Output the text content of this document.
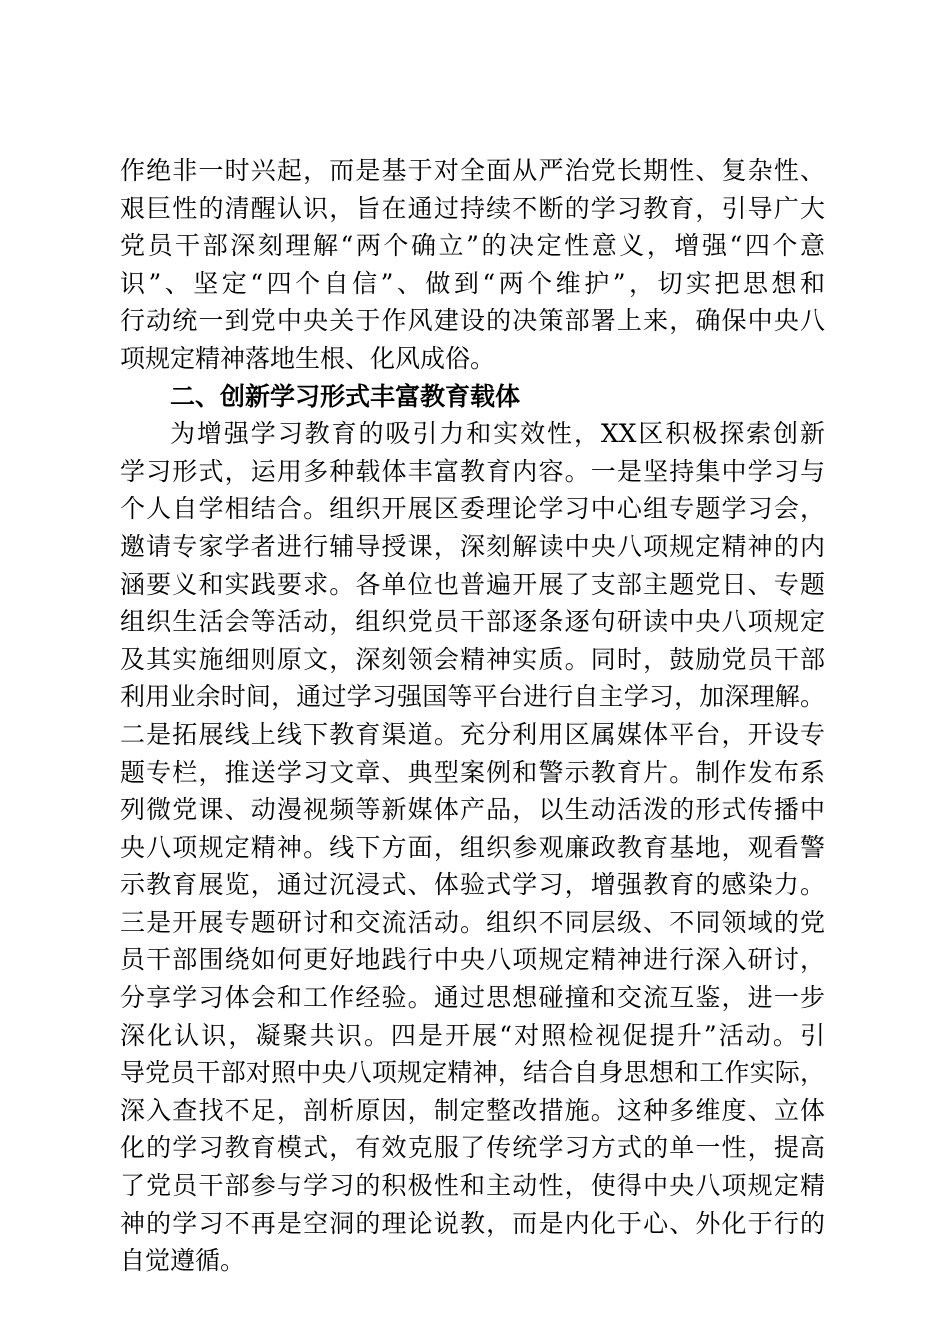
作绝非一时兴起，而是基于对全面从严治党长期性、复杂性、
艰巨性的清醒认识，旨在通过持续不断的学习教育，引导广大
党员干部深刻理解“两个确立”的决定性意义，增强“四个意
识”、坚定“四个自信”、做到“两个维护”，切实把思想和
行动统一到党中央关于作风建设的决策部署上来，确保中央八
项规定精神落地生根、化风成俗。
二、创新学习形式丰富教育载体
为增强学习教育的吸引力和实效性，XX区积极探索创新
学习形式，运用多种载体丰富教育内容。一是坚持集中学习与
个人自学相结合。组织开展区委理论学习中心组专题学习会，
邀请专家学者进行辅导授课，深刻解读中央八项规定精神的内
涵要义和实践要求。各单位也普遍开展了支部主题党日、专题
组织生活会等活动，组织党员干部逐条逐句研读中央八项规定
及其实施细则原文，深刻领会精神实质。同时，鼓励党员干部
利用业余时间，通过学习强国等平台进行自主学习，加深理解。
二是拓展线上线下教育渠道。充分利用区属媒体平台，开设专
题专栏，推送学习文章、典型案例和警示教育片。制作发布系
列微党课、动漫视频等新媒体产品，以生动活泼的形式传播中
央八项规定精神。线下方面，组织参观廉政教育基地，观看警
示教育展览，通过沉浸式、体验式学习，增强教育的感染力。
三是开展专题研讨和交流活动。组织不同层级、不同领域的党
员干部围绕如何更好地践行中央八项规定精神进行深入研讨，
分享学习体会和工作经验。通过思想碰撞和交流互鉴，进一步
深化认识，凝聚共识。四是开展“对照检视促提升”活动。引
导党员干部对照中央八项规定精神，结合自身思想和工作实际，
深入查找不足，剖析原因，制定整改措施。这种多维度、立体
化的学习教育模式，有效克服了传统学习方式的单一性，提高
了党员干部参与学习的积极性和主动性，使得中央八项规定精
神的学习不再是空洞的理论说教，而是内化于心、外化于行的
自觉遵循。
